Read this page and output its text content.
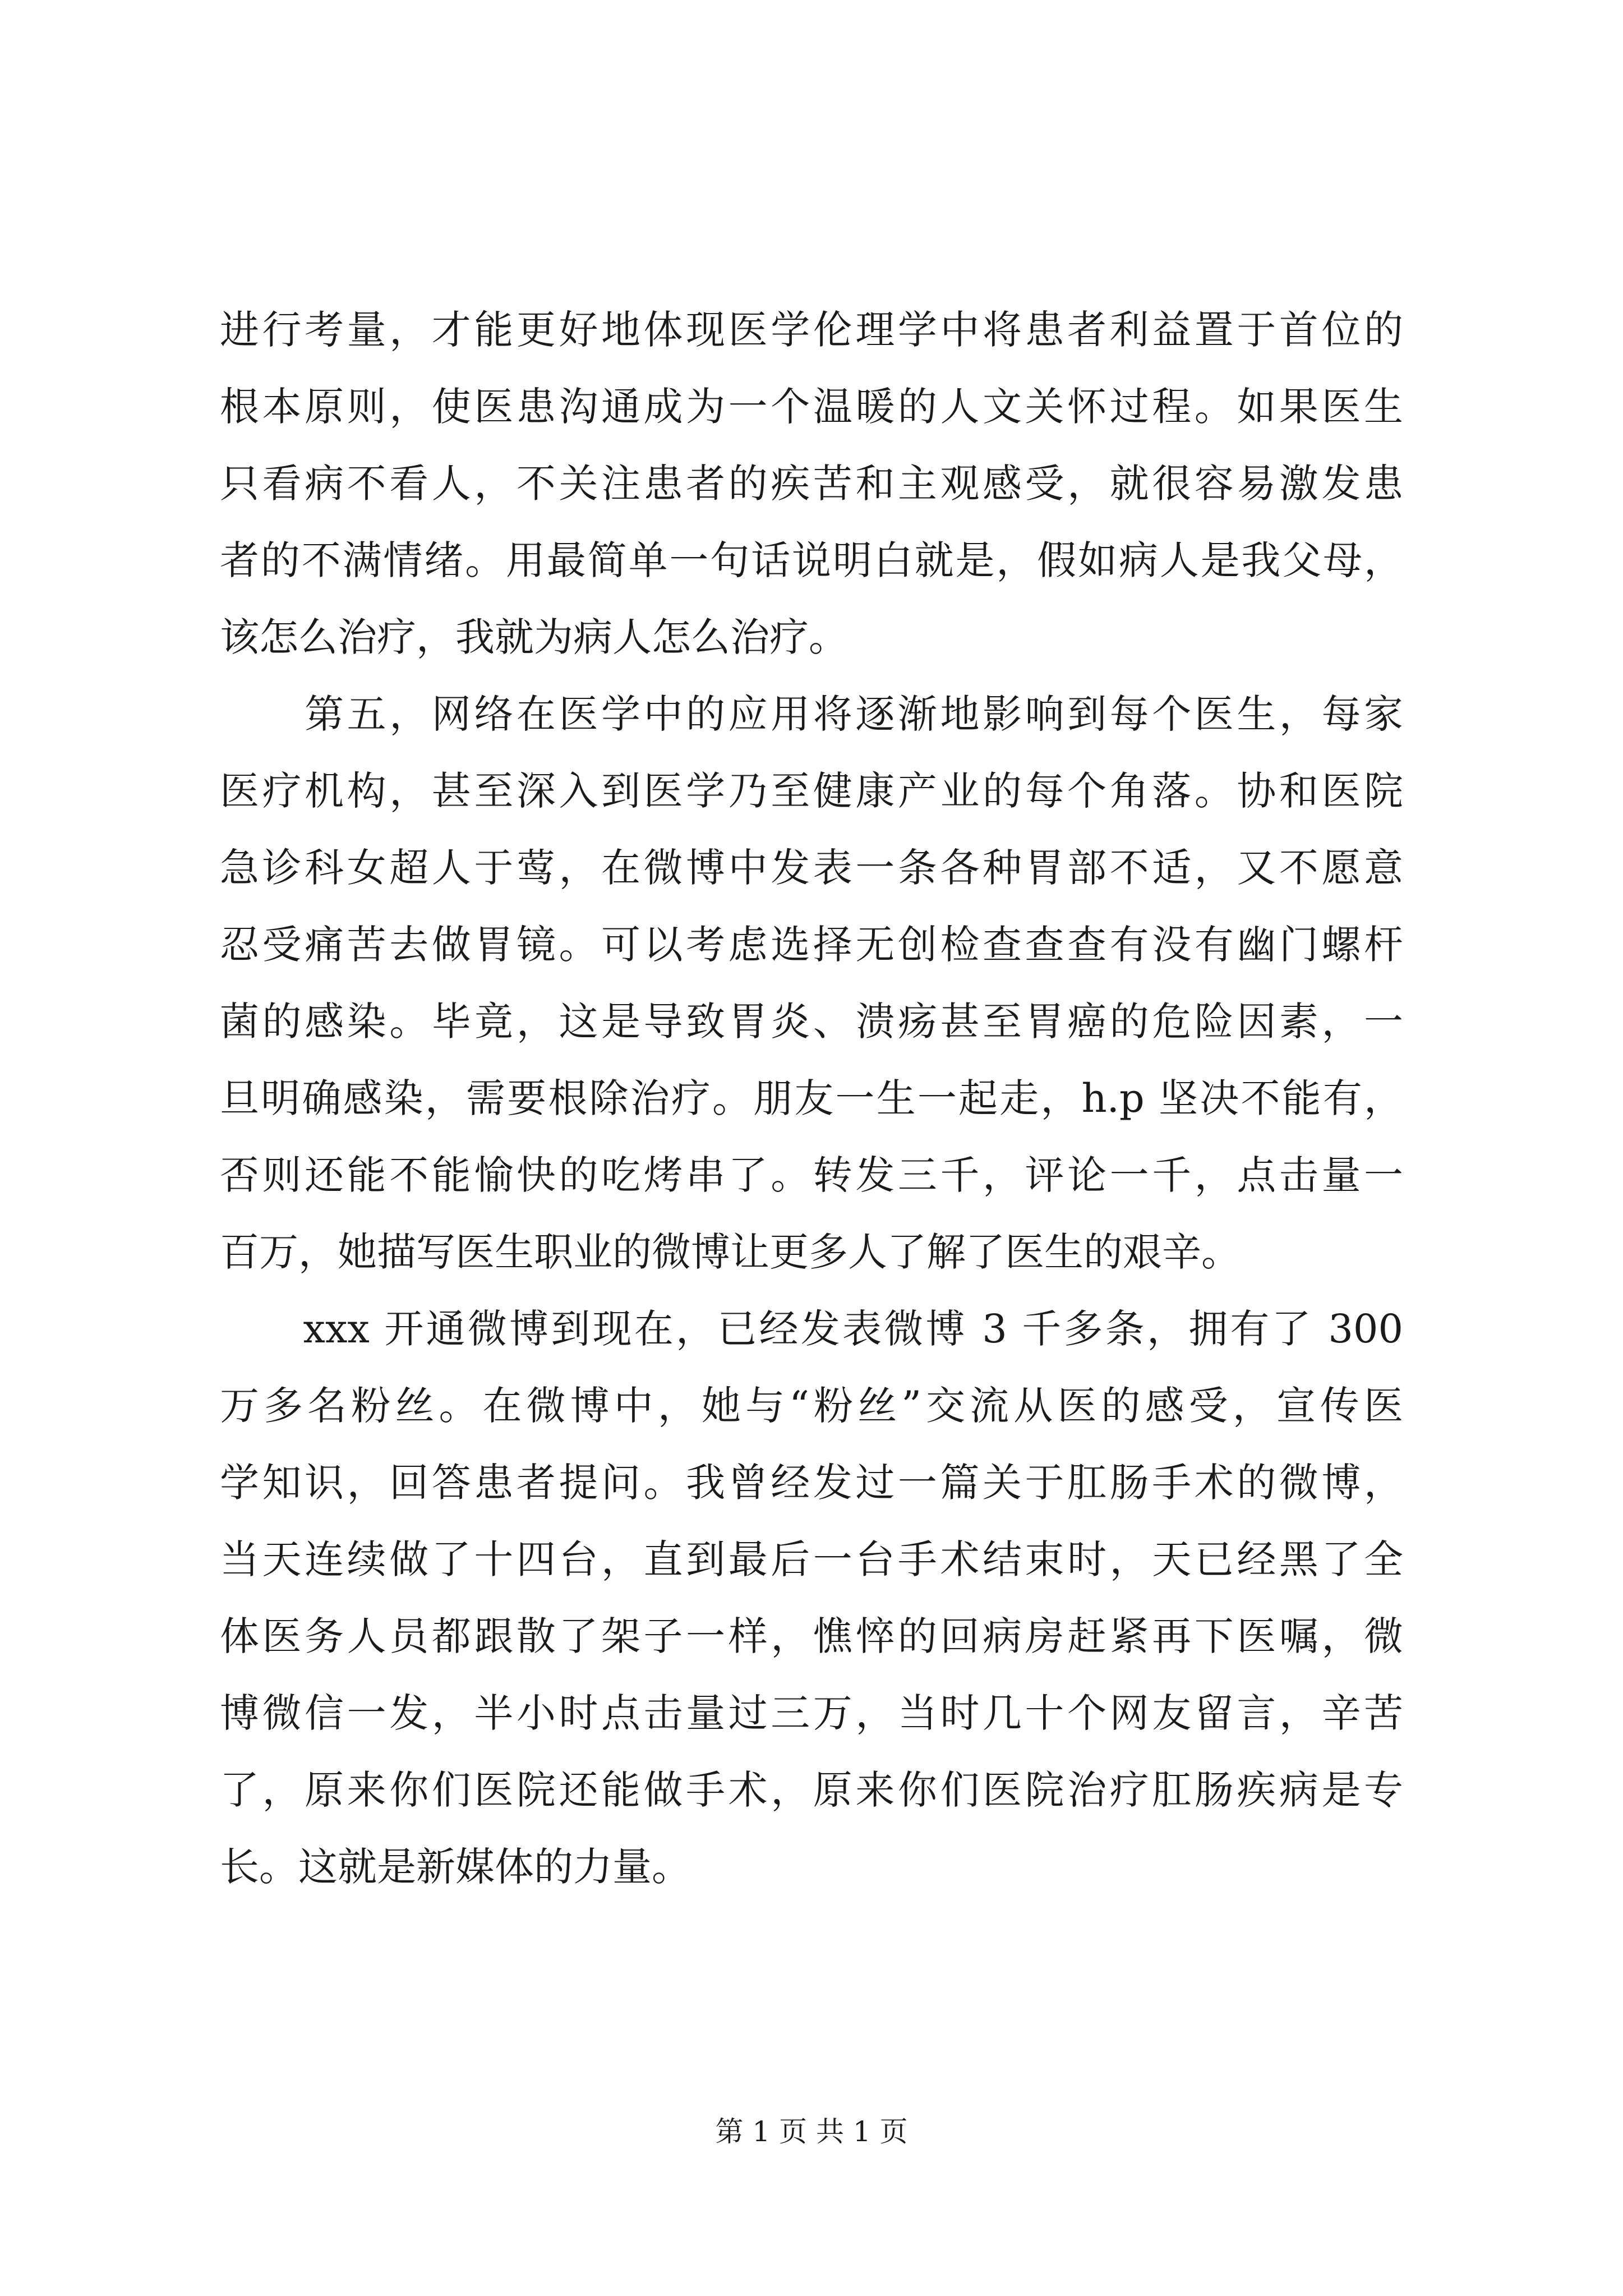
进行考量，才能更好地体现医学伦理学中将患者利益置于首位的
根本原则，使医患沟通成为一个温暖的人文关怀过程。如果医生
只看病不看人，不关注患者的疾苦和主观感受，就很容易激发患
者的不满情绪。用最简单一句话说明白就是，假如病人是我父母，
该怎么治疗，我就为病人怎么治疗。
　　第五，网络在医学中的应用将逐渐地影响到每个医生，每家
医疗机构，甚至深入到医学乃至健康产业的每个角落。协和医院
急诊科女超人于莺，在微博中发表一条各种胃部不适，又不愿意
忍受痛苦去做胃镜。可以考虑选择无创检查查查有没有幽门螺杆
菌的感染。毕竟，这是导致胃炎、溃疡甚至胃癌的危险因素，一
旦明确感染，需要根除治疗。朋友一生一起走，h.p 坚决不能有，
否则还能不能愉快的吃烤串了。转发三千，评论一千，点击量一
百万，她描写医生职业的微博让更多人了解了医生的艰辛。
　　xxx 开通微博到现在，已经发表微博 3 千多条，拥有了 300
万多名粉丝。在微博中，她与“粉丝”交流从医的感受，宣传医
学知识，回答患者提问。我曾经发过一篇关于肛肠手术的微博，
当天连续做了十四台，直到最后一台手术结束时，天已经黑了全
体医务人员都跟散了架子一样，憔悴的回病房赶紧再下医嘱，微
博微信一发，半小时点击量过三万，当时几十个网友留言，辛苦
了，原来你们医院还能做手术，原来你们医院治疗肛肠疾病是专
长。这就是新媒体的力量。
第 1 页 共 1 页
